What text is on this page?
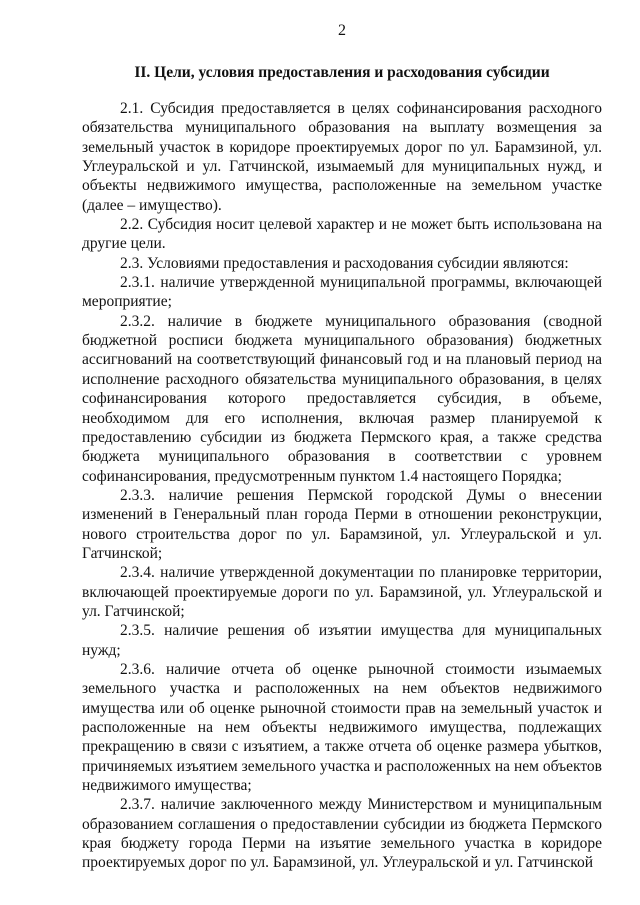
2
II. Цели, условия предоставления и расходования субсидии

2.1. Субсидия предоставляется в целях софинансирования расходного обязательства муниципального образования на выплату возмещения за земельный участок в коридоре проектируемых дорог по ул. Барамзиной, ул. Углеуральской и ул. Гатчинской, изымаемый для муниципальных нужд, и объекты недвижимого имущества, расположенные на земельном участке (далее – имущество).

2.2. Субсидия носит целевой характер и не может быть использована на другие цели.

2.3. Условиями предоставления и расходования субсидии являются:

2.3.1. наличие утвержденной муниципальной программы, включающей мероприятие;

2.3.2. наличие в бюджете муниципального образования (сводной бюджетной росписи бюджета муниципального образования) бюджетных ассигнований на соответствующий финансовый год и на плановый период на исполнение расходного обязательства муниципального образования, в целях софинансирования которого предоставляется субсидия, в объеме, необходимом для его исполнения, включая размер планируемой к предоставлению субсидии из бюджета Пермского края, а также средства бюджета муниципального образования в соответствии с уровнем софинансирования, предусмотренным пунктом 1.4 настоящего Порядка;

2.3.3. наличие решения Пермской городской Думы о внесении изменений в Генеральный план города Перми в отношении реконструкции, нового строительства дорог по ул. Барамзиной, ул. Углеуральской и ул. Гатчинской;

2.3.4. наличие утвержденной документации по планировке территории, включающей проектируемые дороги по ул. Барамзиной, ул. Углеуральской и ул. Гатчинской;

2.3.5. наличие решения об изъятии имущества для муниципальных нужд;

2.3.6. наличие отчета об оценке рыночной стоимости изымаемых земельного участка и расположенных на нем объектов недвижимого имущества или об оценке рыночной стоимости прав на земельный участок и расположенные на нем объекты недвижимого имущества, подлежащих прекращению в связи с изъятием, а также отчета об оценке размера убытков, причиняемых изъятием земельного участка и расположенных на нем объектов недвижимого имущества;

2.3.7. наличие заключенного между Министерством и муниципальным образованием соглашения о предоставлении субсидии из бюджета Пермского края бюджету города Перми на изъятие земельного участка в коридоре проектируемых дорог по ул. Барамзиной, ул. Углеуральской и ул. Гатчинской
